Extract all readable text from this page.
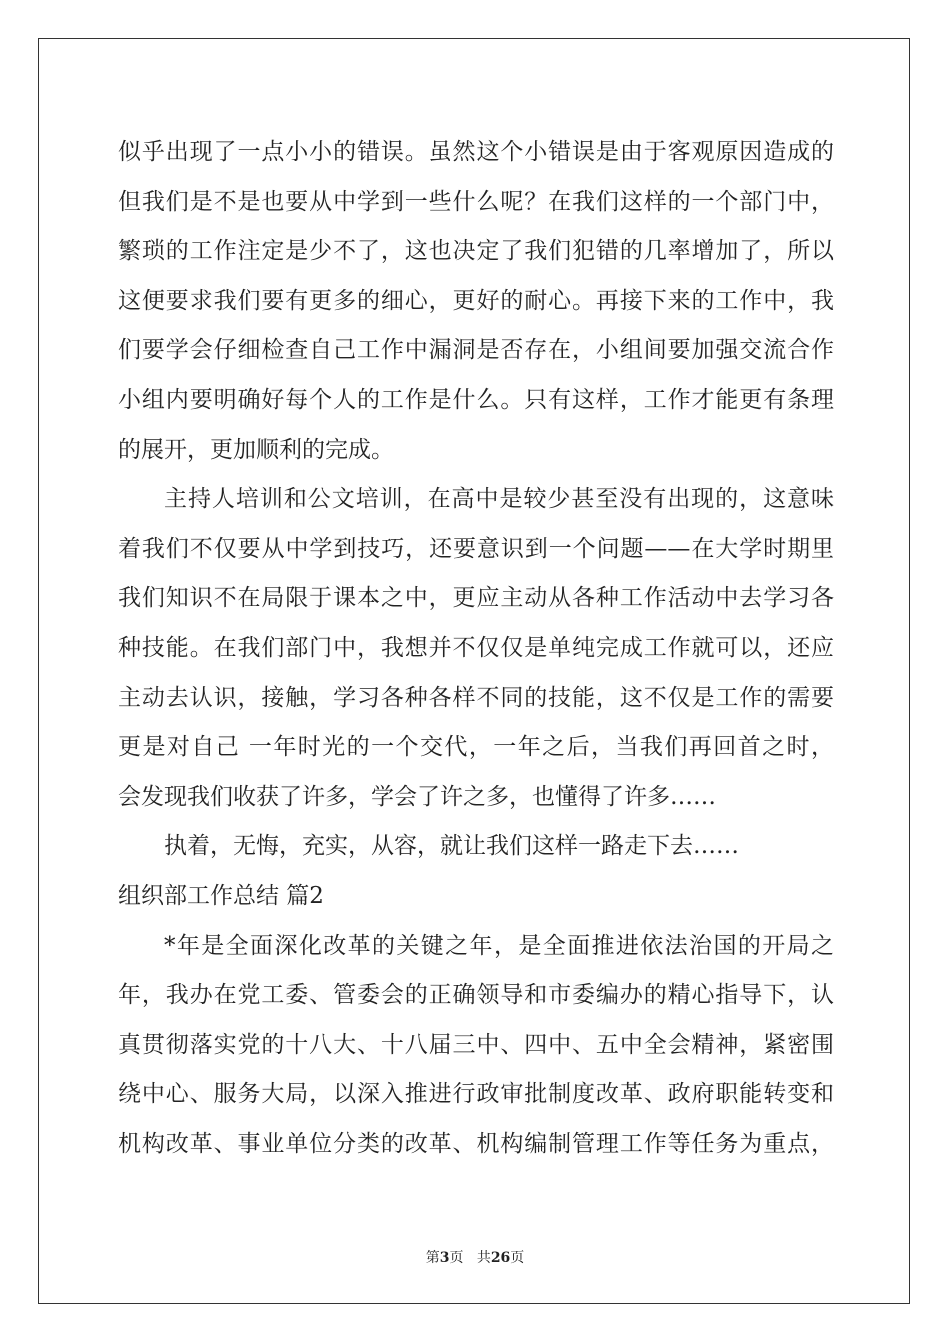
似乎出现了一点小小的错误。虽然这个小错误是由于客观原因造成的
但我们是不是也要从中学到一些什么呢？在我们这样的一个部门中，
繁琐的工作注定是少不了，这也决定了我们犯错的几率增加了，所以
这便要求我们要有更多的细心，更好的耐心。再接下来的工作中，我
们要学会仔细检查自己工作中漏洞是否存在，小组间要加强交流合作
小组内要明确好每个人的工作是什么。只有这样，工作才能更有条理
的展开，更加顺利的完成。

主持人培训和公文培训，在高中是较少甚至没有出现的，这意味
着我们不仅要从中学到技巧，还要意识到一个问题——在大学时期里
我们知识不在局限于课本之中，更应主动从各种工作活动中去学习各
种技能。在我们部门中，我想并不仅仅是单纯完成工作就可以，还应
主动去认识，接触，学习各种各样不同的技能，这不仅是工作的需要
更是对自己 一年时光的一个交代，一年之后，当我们再回首之时，
会发现我们收获了许多，学会了许之多，也懂得了许多……

执着，无悔，充实，从容，就让我们这样一路走下去……

组织部工作总结 篇2

*年是全面深化改革的关键之年，是全面推进依法治国的开局之
年，我办在党工委、管委会的正确领导和市委编办的精心指导下，认
真贯彻落实党的十八大、十八届三中、四中、五中全会精神，紧密围
绕中心、服务大局，以深入推进行政审批制度改革、政府职能转变和
机构改革、事业单位分类的改革、机构编制管理工作等任务为重点，

第3页 共26页
